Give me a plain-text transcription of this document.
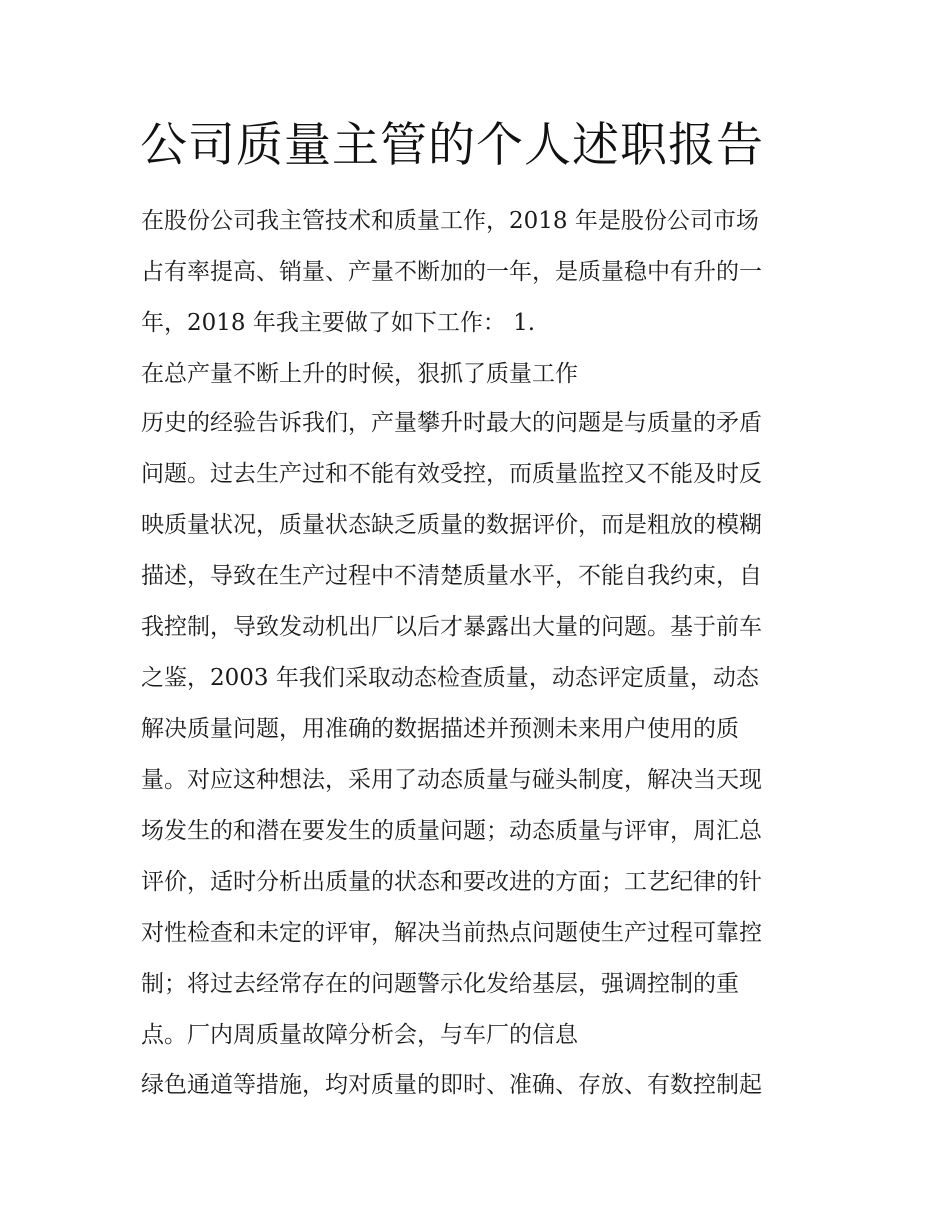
公司质量主管的个人述职报告

在股份公司我主管技术和质量工作，2018 年是股份公司市场

占有率提高、销量、产量不断加的一年，是质量稳中有升的一

年，2018 年我主要做了如下工作： 1.

在总产量不断上升的时候，狠抓了质量工作

历史的经验告诉我们，产量攀升时最大的问题是与质量的矛盾

问题。过去生产过和不能有效受控，而质量监控又不能及时反

映质量状况，质量状态缺乏质量的数据评价，而是粗放的模糊

描述，导致在生产过程中不清楚质量水平，不能自我约束，自

我控制，导致发动机出厂以后才暴露出大量的问题。基于前车

之鉴，2003 年我们采取动态检查质量，动态评定质量，动态

解决质量问题，用准确的数据描述并预测未来用户使用的质

量。对应这种想法，采用了动态质量与碰头制度，解决当天现

场发生的和潜在要发生的质量问题；动态质量与评审，周汇总

评价，适时分析出质量的状态和要改进的方面；工艺纪律的针

对性检查和未定的评审，解决当前热点问题使生产过程可靠控

制；将过去经常存在的问题警示化发给基层，强调控制的重

点。厂内周质量故障分析会，与车厂的信息

绿色通道等措施，均对质量的即时、准确、存放、有数控制起
